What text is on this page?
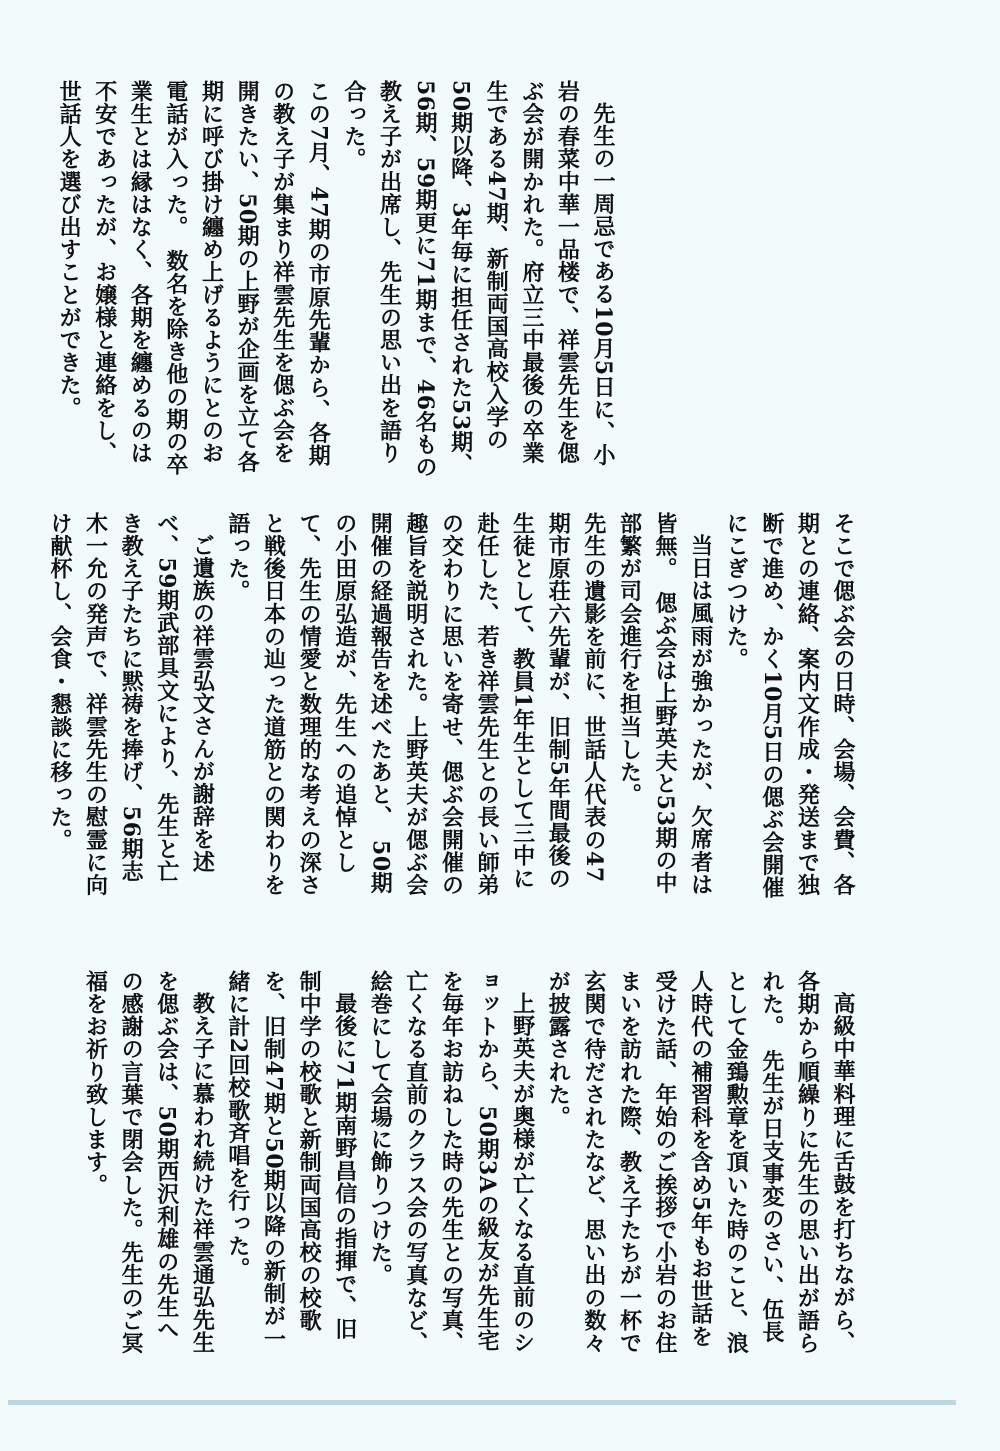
先生の一周忌である10月5日に、小岩の春菜中華一品楼で、祥雲先生を偲ぶ会が開かれた。府立三中最後の卒業生である47期、新制両国高校入学の50期以降、3年毎に担任された53期、56期、59期更に71期まで、46名もの教え子が出席し、先生の思い出を語り合った。

この7月、47期の市原先輩から、各期の教え子が集まり祥雲先生を偲ぶ会を開きたい、50期の上野が企画を立て各期に呼び掛け纏め上げるようにとのお電話が入った。　数名を除き他の期の卒業生とは縁はなく、各期を纏めるのは不安であったが、お嬢様と連絡をし、世話人を選び出すことができた。

そこで偲ぶ会の日時、会場、会費、各期との連絡、案内文作成・発送まで独断で進め、かく10月5日の偲ぶ会開催にこぎつけた。

当日は風雨が強かったが、欠席者は皆無。　偲ぶ会は上野英夫と53期の中部繁が司会進行を担当した。

先生の遺影を前に、世話人代表の47期市原荘六先輩が、旧制5年間最後の生徒として、教員1年生として三中に赴任した、若き祥雲先生との長い師弟の交わりに思いを寄せ、偲ぶ会開催の趣旨を説明された。上野英夫が偲ぶ会開催の経過報告を述べたあと、　50期の小田原弘造が、先生への追悼として、先生の情愛と数理的な考えの深さと戦後日本の辿った道筋との関わりを語った。

ご遺族の祥雲弘文さんが謝辞を述べ、59期武部具文により、先生と亡き教え子たちに黙祷を捧げ、56期志木一允の発声で、祥雲先生の慰霊に向け献杯し、会食・懇談に移った。

高級中華料理に舌鼓を打ちながら、各期から順繰りに先生の思い出が語られた。　先生が日支事変のさい、伍長として金鵄勲章を頂いた時のこと、浪人時代の補習科を含め5年もお世話を受けた話、年始のご挨拶で小岩のお住まいを訪れた際、教え子たちが一杯で玄関で待だされたなど、思い出の数々が披露された。

上野英夫が奥様が亡くなる直前のショットから、50期3Aの級友が先生宅を毎年お訪ねした時の先生との写真、亡くなる直前のクラス会の写真など、絵巻にして会場に飾りつけた。

最後に71期南野昌信の指揮で、旧制中学の校歌と新制両国高校の校歌を、旧制47期と50期以降の新制が一緒に計2回校歌斉唱を行った。

教え子に慕われ続けた祥雲通弘先生を偲ぶ会は、50期西沢利雄の先生への感謝の言葉で閉会した。先生のご冥福をお祈り致します。
